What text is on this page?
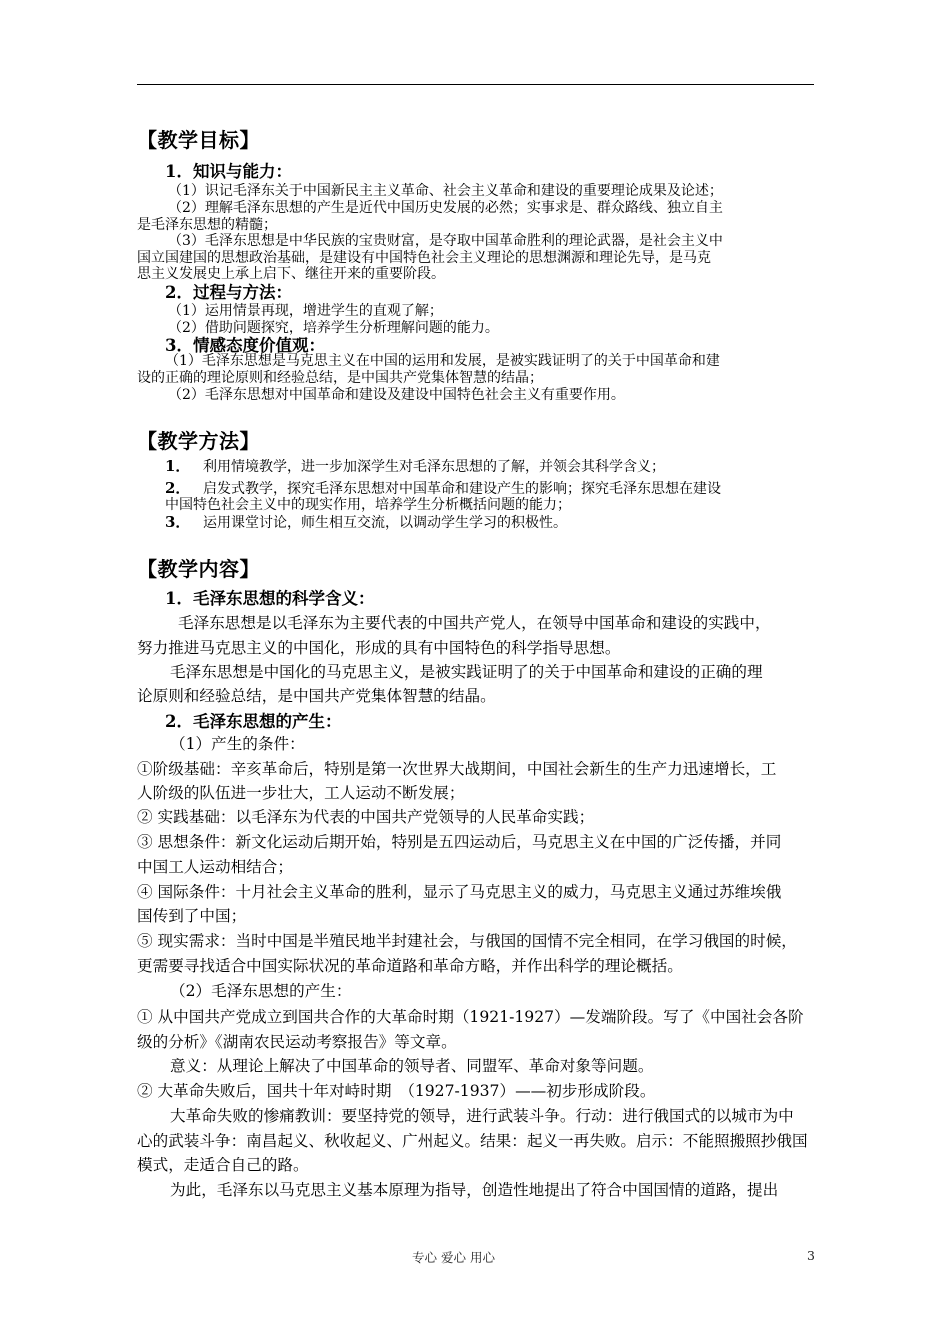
【教学目标】
1．知识与能力：
（1）识记毛泽东关于中国新民主主义革命、社会主义革命和建设的重要理论成果及论述；
（2）理解毛泽东思想的产生是近代中国历史发展的必然；实事求是、群众路线、独立自主
是毛泽东思想的精髓；
（3）毛泽东思想是中华民族的宝贵财富，是夺取中国革命胜利的理论武器，是社会主义中
国立国建国的思想政治基础，是建设有中国特色社会主义理论的思想渊源和理论先导，是马克
思主义发展史上承上启下、继往开来的重要阶段。
2．过程与方法：
（1）运用情景再现，增进学生的直观了解；
（2）借助问题探究，培养学生分析理解问题的能力。
3．情感态度价值观：
（1）毛泽东思想是马克思主义在中国的运用和发展，是被实践证明了的关于中国革命和建
设的正确的理论原则和经验总结，是中国共产党集体智慧的结晶；
（2）毛泽东思想对中国革命和建设及建设中国特色社会主义有重要作用。
【教学方法】
1． 利用情境教学，进一步加深学生对毛泽东思想的了解，并领会其科学含义；
2． 启发式教学，探究毛泽东思想对中国革命和建设产生的影响；探究毛泽东思想在建设
中国特色社会主义中的现实作用，培养学生分析概括问题的能力；
3． 运用课堂讨论，师生相互交流，以调动学生学习的积极性。
【教学内容】
1．毛泽东思想的科学含义：
毛泽东思想是以毛泽东为主要代表的中国共产党人，在领导中国革命和建设的实践中，
努力推进马克思主义的中国化，形成的具有中国特色的科学指导思想。
毛泽东思想是中国化的马克思主义，是被实践证明了的关于中国革命和建设的正确的理
论原则和经验总结，是中国共产党集体智慧的结晶。
2．毛泽东思想的产生：
（1）产生的条件：
①阶级基础：辛亥革命后，特别是第一次世界大战期间，中国社会新生的生产力迅速增长，工
人阶级的队伍进一步壮大，工人运动不断发展；
② 实践基础：以毛泽东为代表的中国共产党领导的人民革命实践；
③ 思想条件：新文化运动后期开始，特别是五四运动后，马克思主义在中国的广泛传播，并同
中国工人运动相结合；
④ 国际条件：十月社会主义革命的胜利，显示了马克思主义的威力，马克思主义通过苏维埃俄
国传到了中国；
⑤ 现实需求：当时中国是半殖民地半封建社会，与俄国的国情不完全相同，在学习俄国的时候，
更需要寻找适合中国实际状况的革命道路和革命方略，并作出科学的理论概括。
（2）毛泽东思想的产生：
① 从中国共产党成立到国共合作的大革命时期（1921-1927）—发端阶段。写了《中国社会各阶
级的分析》《湖南农民运动考察报告》等文章。
意义：从理论上解决了中国革命的领导者、同盟军、革命对象等问题。
② 大革命失败后，国共十年对峙时期　（1927-1937）——初步形成阶段。
大革命失败的惨痛教训：要坚持党的领导，进行武装斗争。行动：进行俄国式的以城市为中
心的武装斗争：南昌起义、秋收起义、广州起义。结果：起义一再失败。启示：不能照搬照抄俄国
模式，走适合自己的路。
为此，毛泽东以马克思主义基本原理为指导，创造性地提出了符合中国国情的道路，提出
专心 爱心 用心	3
